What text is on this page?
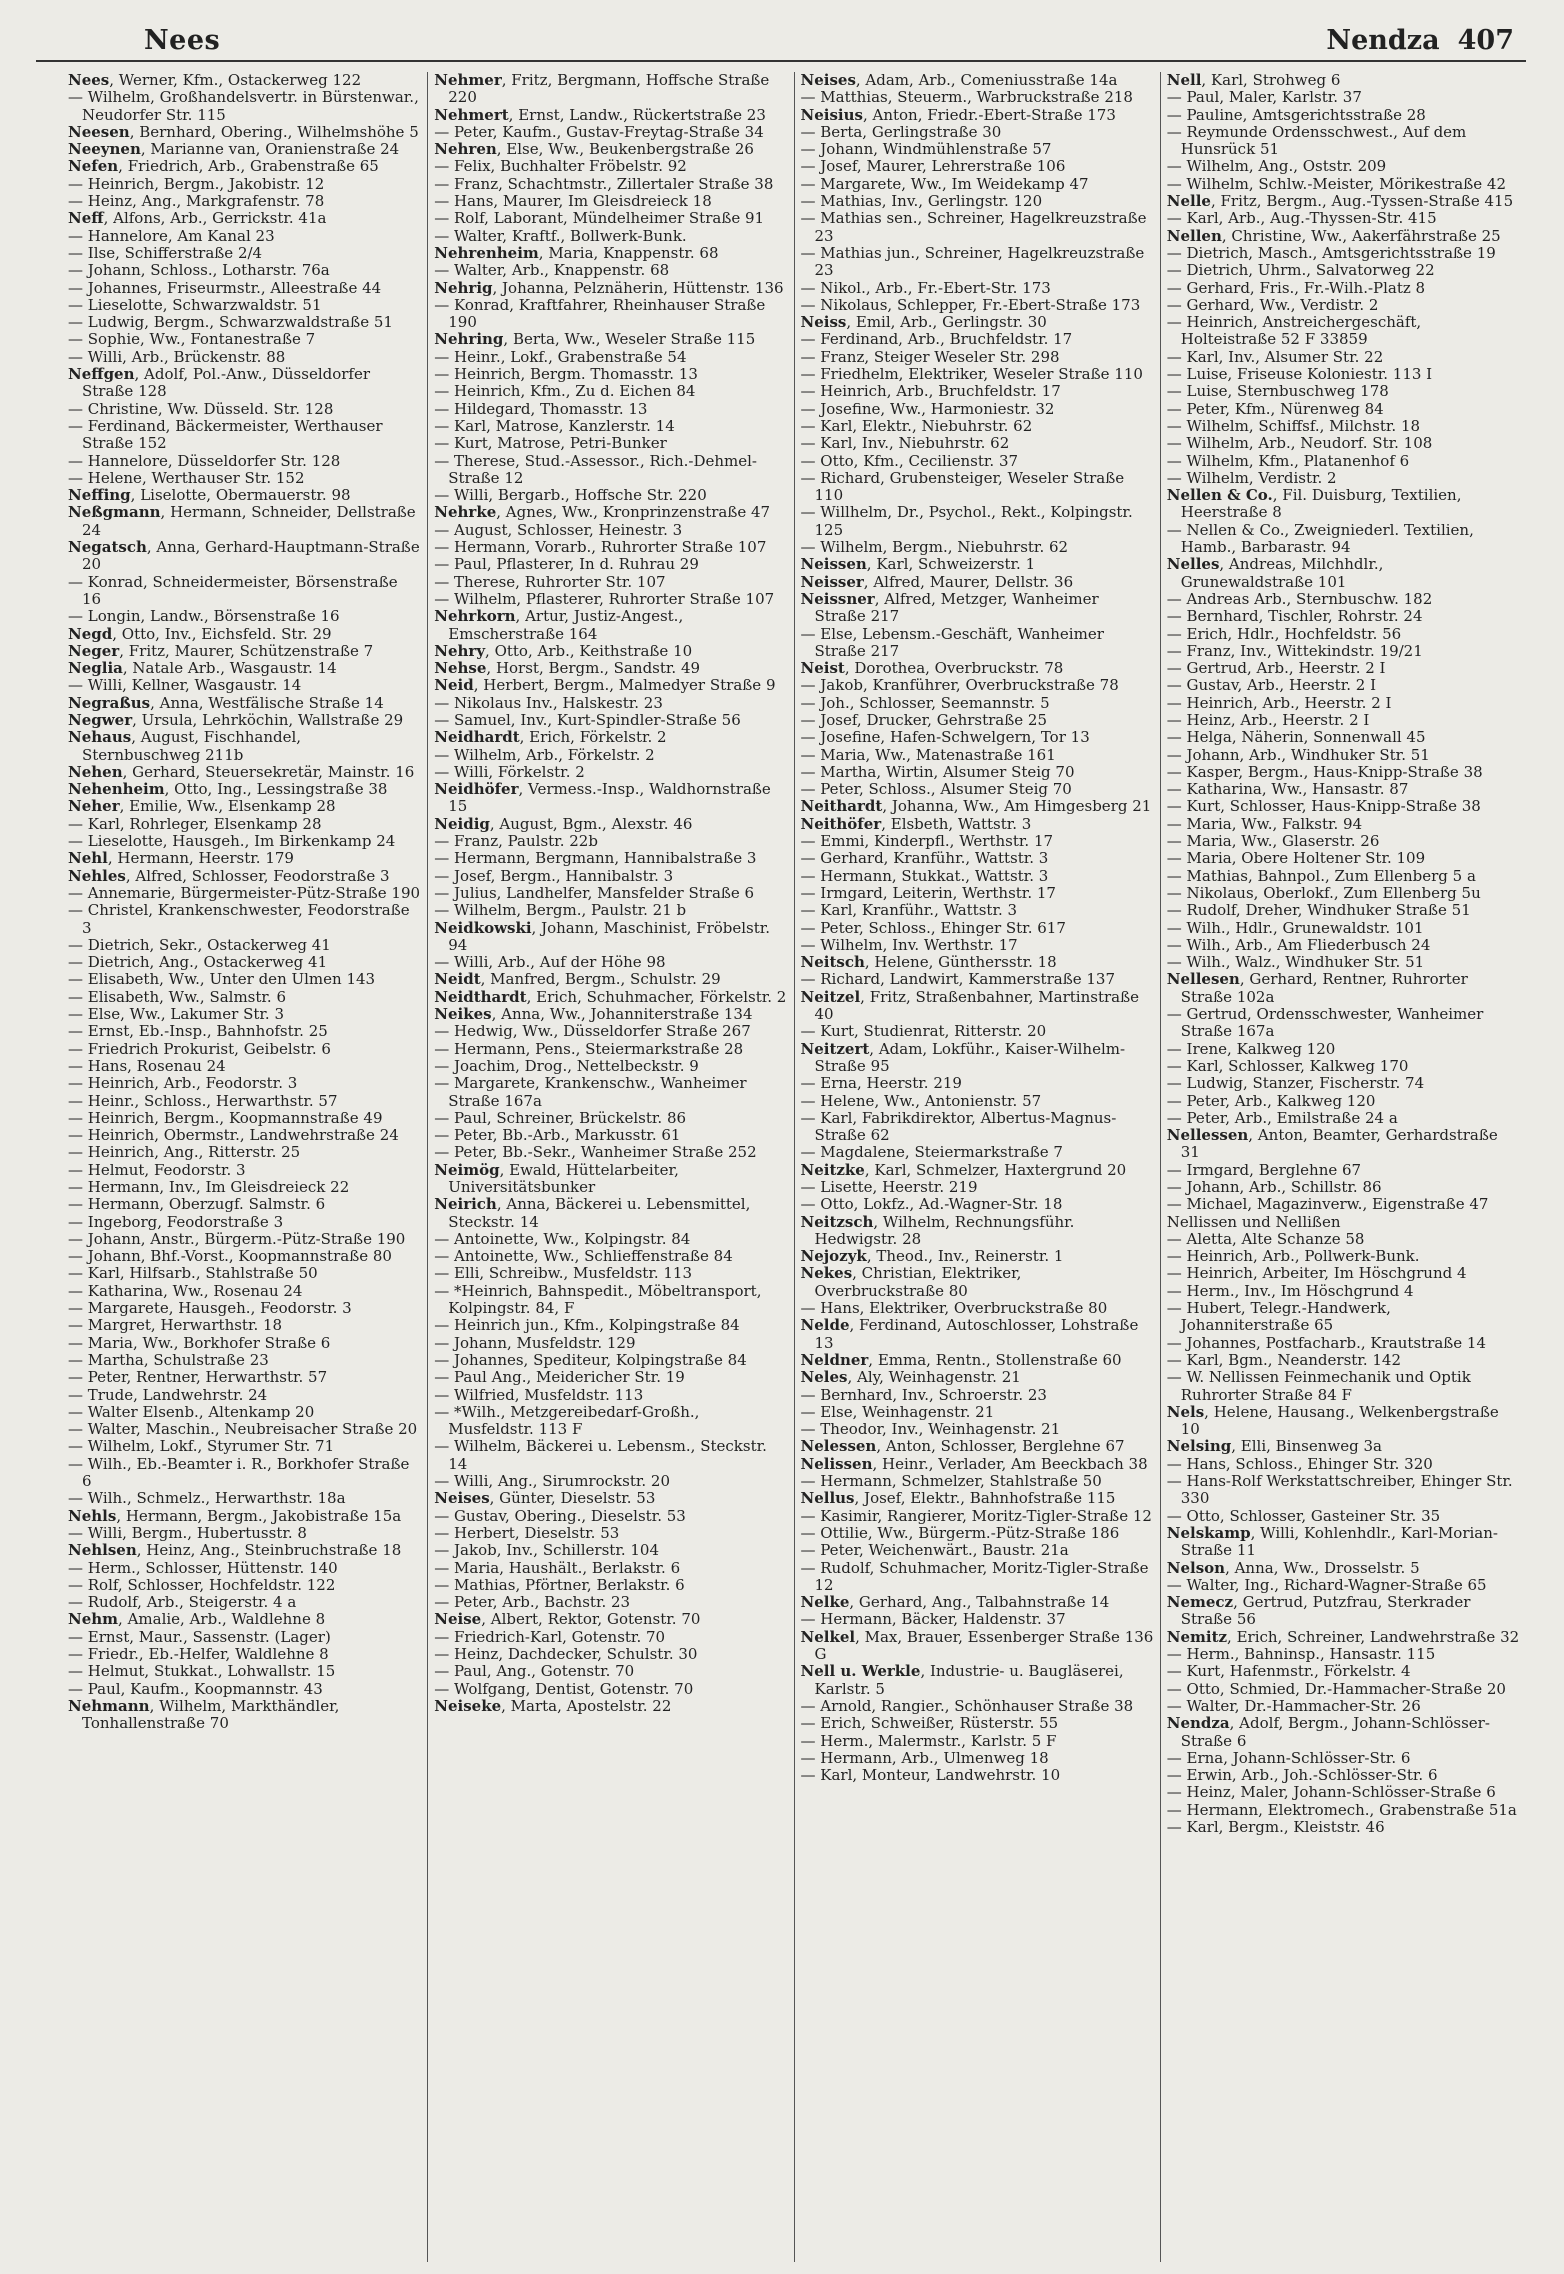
Nees	Nendza 407

Nees, Werner, Kfm., Ostackerweg 122

— Wilhelm, Großhandelsvertr. in Bürstenwar., Neudorfer Str. 115

Neesen, Bernhard, Obering., Wilhelmshöhe 5

Neeynen, Marianne van, Oranienstraße 24

Nefen, Friedrich, Arb., Grabenstraße 65

— Heinrich, Bergm., Jakobistr. 12

— Heinz, Ang., Markgrafenstr. 78

Neff, Alfons, Arb., Gerrickstr. 41a

— Hannelore, Am Kanal 23

— Ilse, Schifferstraße 2/4

— Johann, Schloss., Lotharstr. 76a

— Johannes, Friseurmstr., Alleestraße 44

— Lieselotte, Schwarzwaldstr. 51

— Ludwig, Bergm., Schwarzwaldstraße 51

— Sophie, Ww., Fontanestraße 7

— Willi, Arb., Brückenstr. 88

Neffgen, Adolf, Pol.-Anw., Düsseldorfer Straße 128

— Christine, Ww. Düsseld. Str. 128

— Ferdinand, Bäckermeister, Werthauser Straße 152

— Hannelore, Düsseldorfer Str. 128

— Helene, Werthauser Str. 152

Neffing, Liselotte, Obermauerstr. 98

Neßgmann, Hermann, Schneider, Dellstraße 24

Negatsch, Anna, Gerhard-Hauptmann-Straße 20

— Konrad, Schneidermeister, Börsenstraße 16

— Longin, Landw., Börsenstraße 16

Negd, Otto, Inv., Eichsfeld. Str. 29

Neger, Fritz, Maurer, Schützenstraße 7

Neglia, Natale Arb., Wasgaustr. 14

— Willi, Kellner, Wasgaustr. 14

Negraßus, Anna, Westfälische Straße 14

Negwer, Ursula, Lehrköchin, Wallstraße 29

Nehaus, August, Fischhandel, Sternbuschweg 211b

Nehen, Gerhard, Steuersekretär, Mainstr. 16

Nehenheim, Otto, Ing., Lessingstraße 38

Neher, Emilie, Ww., Elsenkamp 28

— Karl, Rohrleger, Elsenkamp 28

— Lieselotte, Hausgeh., Im Birkenkamp 24

Nehl, Hermann, Heerstr. 179

Nehles, Alfred, Schlosser, Feodorstraße 3

— Annemarie, Bürgermeister-Pütz-Straße 190

— Christel, Krankenschwester, Feodorstraße 3

— Dietrich, Sekr., Ostackerweg 41

— Dietrich, Ang., Ostackerweg 41

— Elisabeth, Ww., Unter den Ulmen 143

— Elisabeth, Ww., Salmstr. 6

— Else, Ww., Lakumer Str. 3

— Ernst, Eb.-Insp., Bahnhofstr. 25

— Friedrich Prokurist, Geibelstr. 6

— Hans, Rosenau 24

— Heinrich, Arb., Feodorstr. 3

— Heinr., Schloss., Herwarthstr. 57

— Heinrich, Bergm., Koopmannstraße 49

— Heinrich, Obermstr., Landwehrstraße 24

— Heinrich, Ang., Ritterstr. 25

— Helmut, Feodorstr. 3

— Hermann, Inv., Im Gleisdreieck 22

— Hermann, Oberzugf. Salmstr. 6

— Ingeborg, Feodorstraße 3

— Johann, Anstr., Bürgerm.-Pütz-Straße 190

— Johann, Bhf.-Vorst., Koopmannstraße 80

— Karl, Hilfsarb., Stahlstraße 50

— Katharina, Ww., Rosenau 24

— Margarete, Hausgeh., Feodorstr. 3

— Margret, Herwarthstr. 18

— Maria, Ww., Borkhofer Straße 6

— Martha, Schulstraße 23

— Peter, Rentner, Herwarthstr. 57

— Trude, Landwehrstr. 24

— Walter Elsenb., Altenkamp 20

— Walter, Maschin., Neubreisacher Straße 20

— Wilhelm, Lokf., Styrumer Str. 71

— Wilh., Eb.-Beamter i. R., Borkhofer Straße 6

— Wilh., Schmelz., Herwarthstr. 18a

Nehls, Hermann, Bergm., Jakobistraße 15a

— Willi, Bergm., Hubertusstr. 8

Nehlsen, Heinz, Ang., Steinbruchstraße 18

— Herm., Schlosser, Hüttenstr. 140

— Rolf, Schlosser, Hochfeldstr. 122

— Rudolf, Arb., Steigerstr. 4 a

Nehm, Amalie, Arb., Waldlehne 8

— Ernst, Maur., Sassenstr. (Lager)

— Friedr., Eb.-Helfer, Waldlehne 8

— Helmut, Stukkat., Lohwallstr. 15

— Paul, Kaufm., Koopmannstr. 43

Nehmann, Wilhelm, Markthändler, Tonhallenstraße 70

Nehmer, Fritz, Bergmann, Hoffsche Straße 220

Nehmert, Ernst, Landw., Rückertstraße 23

— Peter, Kaufm., Gustav-Freytag-Straße 34

Nehren, Else, Ww., Beukenbergstraße 26

— Felix, Buchhalter Fröbelstr. 92

— Franz, Schachtmstr., Zillertaler Straße 38

— Hans, Maurer, Im Gleisdreieck 18

— Rolf, Laborant, Mündelheimer Straße 91

— Walter, Kraftf., Bollwerk-Bunk.

Nehrenheim, Maria, Knappenstr. 68

— Walter, Arb., Knappenstr. 68

Nehrig, Johanna, Pelznäherin, Hüttenstr. 136

— Konrad, Kraftfahrer, Rheinhauser Straße 190

Nehring, Berta, Ww., Weseler Straße 115

— Heinr., Lokf., Grabenstraße 54

— Heinrich, Bergm. Thomasstr. 13

— Heinrich, Kfm., Zu d. Eichen 84

— Hildegard, Thomasstr. 13

— Karl, Matrose, Kanzlerstr. 14

— Kurt, Matrose, Petri-Bunker

— Therese, Stud.-Assessor., Rich.-Dehmel-Straße 12

— Willi, Bergarb., Hoffsche Str. 220

Nehrke, Agnes, Ww., Kronprinzenstraße 47

— August, Schlosser, Heinestr. 3

— Hermann, Vorarb., Ruhrorter Straße 107

— Paul, Pflasterer, In d. Ruhrau 29

— Therese, Ruhrorter Str. 107

— Wilhelm, Pflasterer, Ruhrorter Straße 107

Nehrkorn, Artur, Justiz-Angest., Emscherstraße 164

Nehry, Otto, Arb., Keithstraße 10

Nehse, Horst, Bergm., Sandstr. 49

Neid, Herbert, Bergm., Malmedyer Straße 9

— Nikolaus Inv., Halskestr. 23

— Samuel, Inv., Kurt-Spindler-Straße 56

Neidhardt, Erich, Förkelstr. 2

— Wilhelm, Arb., Förkelstr. 2

— Willi, Förkelstr. 2

Neidhöfer, Vermess.-Insp., Waldhornstraße 15

Neidig, August, Bgm., Alexstr. 46

— Franz, Paulstr. 22b

— Hermann, Bergmann, Hannibalstraße 3

— Josef, Bergm., Hannibalstr. 3

— Julius, Landhelfer, Mansfelder Straße 6

— Wilhelm, Bergm., Paulstr. 21 b

Neidkowski, Johann, Maschinist, Fröbelstr. 94

— Willi, Arb., Auf der Höhe 98

Neidt, Manfred, Bergm., Schulstr. 29

Neidthardt, Erich, Schuhmacher, Förkelstr. 2

Neikes, Anna, Ww., Johanniterstraße 134

— Hedwig, Ww., Düsseldorfer Straße 267

— Hermann, Pens., Steiermarkstraße 28

— Joachim, Drog., Nettelbeckstr. 9

— Margarete, Krankenschw., Wanheimer Straße 167a

— Paul, Schreiner, Brückelstr. 86

— Peter, Bb.-Arb., Markusstr. 61

— Peter, Bb.-Sekr., Wanheimer Straße 252

Neimög, Ewald, Hüttelarbeiter, Universitätsbunker

Neirich, Anna, Bäckerei u. Lebensmittel, Steckstr. 14

— Antoinette, Ww., Kolpingstr. 84

— Antoinette, Ww., Schlieffenstraße 84

— Elli, Schreibw., Musfeldstr. 113

— *Heinrich, Bahnspedit., Möbeltransport, Kolpingstr. 84, F

— Heinrich jun., Kfm., Kolpingstraße 84

— Johann, Musfeldstr. 129

— Johannes, Spediteur, Kolpingstraße 84

— Paul Ang., Meidericher Str. 19

— Wilfried, Musfeldstr. 113

— *Wilh., Metzgereibedarf-Großh., Musfeldstr. 113 F

— Wilhelm, Bäckerei u. Lebensm., Steckstr. 14

— Willi, Ang., Sirumrockstr. 20

Neises, Günter, Dieselstr. 53

— Gustav, Obering., Dieselstr. 53

— Herbert, Dieselstr. 53

— Jakob, Inv., Schillerstr. 104

— Maria, Haushält., Berlakstr. 6

— Mathias, Pförtner, Berlakstr. 6

— Peter, Arb., Bachstr. 23

Neise, Albert, Rektor, Gotenstr. 70

— Friedrich-Karl, Gotenstr. 70

— Heinz, Dachdecker, Schulstr. 30

— Paul, Ang., Gotenstr. 70

— Wolfgang, Dentist, Gotenstr. 70

Neiseke, Marta, Apostelstr. 22

Neises, Adam, Arb., Comeniusstraße 14a

— Matthias, Steuerm., Warbruckstraße 218

Neisius, Anton, Friedr.-Ebert-Straße 173

— Berta, Gerlingstraße 30

— Johann, Windmühlenstraße 57

— Josef, Maurer, Lehrerstraße 106

— Margarete, Ww., Im Weidekamp 47

— Mathias, Inv., Gerlingstr. 120

— Mathias sen., Schreiner, Hagelkreuzstraße 23

— Mathias jun., Schreiner, Hagelkreuzstraße 23

— Nikol., Arb., Fr.-Ebert-Str. 173

— Nikolaus, Schlepper, Fr.-Ebert-Straße 173

Neiss, Emil, Arb., Gerlingstr. 30

— Ferdinand, Arb., Bruchfeldstr. 17

— Franz, Steiger Weseler Str. 298

— Friedhelm, Elektriker, Weseler Straße 110

— Heinrich, Arb., Bruchfeldstr. 17

— Josefine, Ww., Harmoniestr. 32

— Karl, Elektr., Niebuhrstr. 62

— Karl, Inv., Niebuhrstr. 62

— Otto, Kfm., Cecilienstr. 37

— Richard, Grubensteiger, Weseler Straße 110

— Willhelm, Dr., Psychol., Rekt., Kolpingstr. 125

— Wilhelm, Bergm., Niebuhrstr. 62

Neissen, Karl, Schweizerstr. 1

Neisser, Alfred, Maurer, Dellstr. 36

Neissner, Alfred, Metzger, Wanheimer Straße 217

— Else, Lebensm.-Geschäft, Wanheimer Straße 217

Neist, Dorothea, Overbruckstr. 78

— Jakob, Kranführer, Overbruckstraße 78

— Joh., Schlosser, Seemannstr. 5

— Josef, Drucker, Gehrstraße 25

— Josefine, Hafen-Schwelgern, Tor 13

— Maria, Ww., Matenastraße 161

— Martha, Wirtin, Alsumer Steig 70

— Peter, Schloss., Alsumer Steig 70

Neithardt, Johanna, Ww., Am Himgesberg 21

Neithöfer, Elsbeth, Wattstr. 3

— Emmi, Kinderpfl., Werthstr. 17

— Gerhard, Kranführ., Wattstr. 3

— Hermann, Stukkat., Wattstr. 3

— Irmgard, Leiterin, Werthstr. 17

— Karl, Kranführ., Wattstr. 3

— Peter, Schloss., Ehinger Str. 617

— Wilhelm, Inv. Werthstr. 17

Neitsch, Helene, Günthersstr. 18

— Richard, Landwirt, Kammerstraße 137

Neitzel, Fritz, Straßenbahner, Martinstraße 40

— Kurt, Studienrat, Ritterstr. 20

Neitzert, Adam, Lokführ., Kaiser-Wilhelm-Straße 95

— Erna, Heerstr. 219

— Helene, Ww., Antonienstr. 57

— Karl, Fabrikdirektor, Albertus-Magnus-Straße 62

— Magdalene, Steiermarkstraße 7

Neitzke, Karl, Schmelzer, Haxtergrund 20

— Lisette, Heerstr. 219

— Otto, Lokfz., Ad.-Wagner-Str. 18

Neitzsch, Wilhelm, Rechnungsführ. Hedwigstr. 28

Nejozyk, Theod., Inv., Reinerstr. 1

Nekes, Christian, Elektriker, Overbruckstraße 80

— Hans, Elektriker, Overbruckstraße 80

Nelde, Ferdinand, Autoschlosser, Lohstraße 13

Neldner, Emma, Rentn., Stollenstraße 60

Neles, Aly, Weinhagenstr. 21

— Bernhard, Inv., Schroerstr. 23

— Else, Weinhagenstr. 21

— Theodor, Inv., Weinhagenstr. 21

Nelessen, Anton, Schlosser, Berglehne 67

Nelissen, Heinr., Verlader, Am Beeckbach 38

— Hermann, Schmelzer, Stahlstraße 50

Nellus, Josef, Elektr., Bahnhofstraße 115

— Kasimir, Rangierer, Moritz-Tigler-Straße 12

— Ottilie, Ww., Bürgerm.-Pütz-Straße 186

— Peter, Weichenwärt., Baustr. 21a

— Rudolf, Schuhmacher, Moritz-Tigler-Straße 12

Nelke, Gerhard, Ang., Talbahnstraße 14

— Hermann, Bäcker, Haldenstr. 37

Nelkel, Max, Brauer, Essenberger Straße 136 G

Nell u. Werkle, Industrie- u. Baugläserei, Karlstr. 5

— Arnold, Rangier., Schönhauser Straße 38

— Erich, Schweißer, Rüsterstr. 55

— Herm., Malermstr., Karlstr. 5 F

— Hermann, Arb., Ulmenweg 18

— Karl, Monteur, Landwehrstr. 10

Nell, Karl, Strohweg 6

— Paul, Maler, Karlstr. 37

— Pauline, Amtsgerichtsstraße 28

— Reymunde Ordensschwest., Auf dem Hunsrück 51

— Wilhelm, Ang., Oststr. 209

— Wilhelm, Schlw.-Meister, Mörikestraße 42

Nelle, Fritz, Bergm., Aug.-Tyssen-Straße 415

— Karl, Arb., Aug.-Thyssen-Str. 415

Nellen, Christine, Ww., Aakerfährstraße 25

— Dietrich, Masch., Amtsgerichtsstraße 19

— Dietrich, Uhrm., Salvatorweg 22

— Gerhard, Fris., Fr.-Wilh.-Platz 8

— Gerhard, Ww., Verdistr. 2

— Heinrich, Anstreichergeschäft, Holteistraße 52 F 33859

— Karl, Inv., Alsumer Str. 22

— Luise, Friseuse Koloniestr. 113 I

— Luise, Sternbuschweg 178

— Peter, Kfm., Nürenweg 84

— Wilhelm, Schiffsf., Milchstr. 18

— Wilhelm, Arb., Neudorf. Str. 108

— Wilhelm, Kfm., Platanenhof 6

— Wilhelm, Verdistr. 2

Nellen & Co., Fil. Duisburg, Textilien, Heerstraße 8

— Nellen & Co., Zweigniederl. Textilien, Hamb., Barbarastr. 94

Nelles, Andreas, Milchhdlr., Grunewaldstraße 101

— Andreas Arb., Sternbuschw. 182

— Bernhard, Tischler, Rohrstr. 24

— Erich, Hdlr., Hochfeldstr. 56

— Franz, Inv., Wittekindstr. 19/21

— Gertrud, Arb., Heerstr. 2 I

— Gustav, Arb., Heerstr. 2 I

— Heinrich, Arb., Heerstr. 2 I

— Heinz, Arb., Heerstr. 2 I

— Helga, Näherin, Sonnenwall 45

— Johann, Arb., Windhuker Str. 51

— Kasper, Bergm., Haus-Knipp-Straße 38

— Katharina, Ww., Hansastr. 87

— Kurt, Schlosser, Haus-Knipp-Straße 38

— Maria, Ww., Falkstr. 94

— Maria, Ww., Glaserstr. 26

— Maria, Obere Holtener Str. 109

— Mathias, Bahnpol., Zum Ellenberg 5 a

— Nikolaus, Oberlokf., Zum Ellenberg 5u

— Rudolf, Dreher, Windhuker Straße 51

— Wilh., Hdlr., Grunewaldstr. 101

— Wilh., Arb., Am Fliederbusch 24

— Wilh., Walz., Windhuker Str. 51

Nellesen, Gerhard, Rentner, Ruhrorter Straße 102a

— Gertrud, Ordensschwester, Wanheimer Straße 167a

— Irene, Kalkweg 120

— Karl, Schlosser, Kalkweg 170

— Ludwig, Stanzer, Fischerstr. 74

— Peter, Arb., Kalkweg 120

— Peter, Arb., Emilstraße 24 a

Nellessen, Anton, Beamter, Gerhardstraße 31

— Irmgard, Berglehne 67

— Johann, Arb., Schillstr. 86

— Michael, Magazinverw., Eigenstraße 47

Nellissen und Nellißen

— Aletta, Alte Schanze 58

— Heinrich, Arb., Pollwerk-Bunk.

— Heinrich, Arbeiter, Im Höschgrund 4

— Herm., Inv., Im Höschgrund 4

— Hubert, Telegr.-Handwerk, Johanniterstraße 65

— Johannes, Postfacharb., Krautstraße 14

— Karl, Bgm., Neanderstr. 142

— W. Nellissen Feinmechanik und Optik Ruhrorter Straße 84 F

Nels, Helene, Hausang., Welkenbergstraße 10

Nelsing, Elli, Binsenweg 3a

— Hans, Schloss., Ehinger Str. 320

— Hans-Rolf Werkstattschreiber, Ehinger Str. 330

— Otto, Schlosser, Gasteiner Str. 35

Nelskamp, Willi, Kohlenhdlr., Karl-Morian-Straße 11

Nelson, Anna, Ww., Drosselstr. 5

— Walter, Ing., Richard-Wagner-Straße 65

Nemecz, Gertrud, Putzfrau, Sterkrader Straße 56

Nemitz, Erich, Schreiner, Landwehrstraße 32

— Herm., Bahninsp., Hansastr. 115

— Kurt, Hafenmstr., Förkelstr. 4

— Otto, Schmied, Dr.-Hammacher-Straße 20

— Walter, Dr.-Hammacher-Str. 26

Nendza, Adolf, Bergm., Johann-Schlösser-Straße 6

— Erna, Johann-Schlösser-Str. 6

— Erwin, Arb., Joh.-Schlösser-Str. 6

— Heinz, Maler, Johann-Schlösser-Straße 6

— Hermann, Elektromech., Grabenstraße 51a

— Karl, Bergm., Kleiststr. 46
